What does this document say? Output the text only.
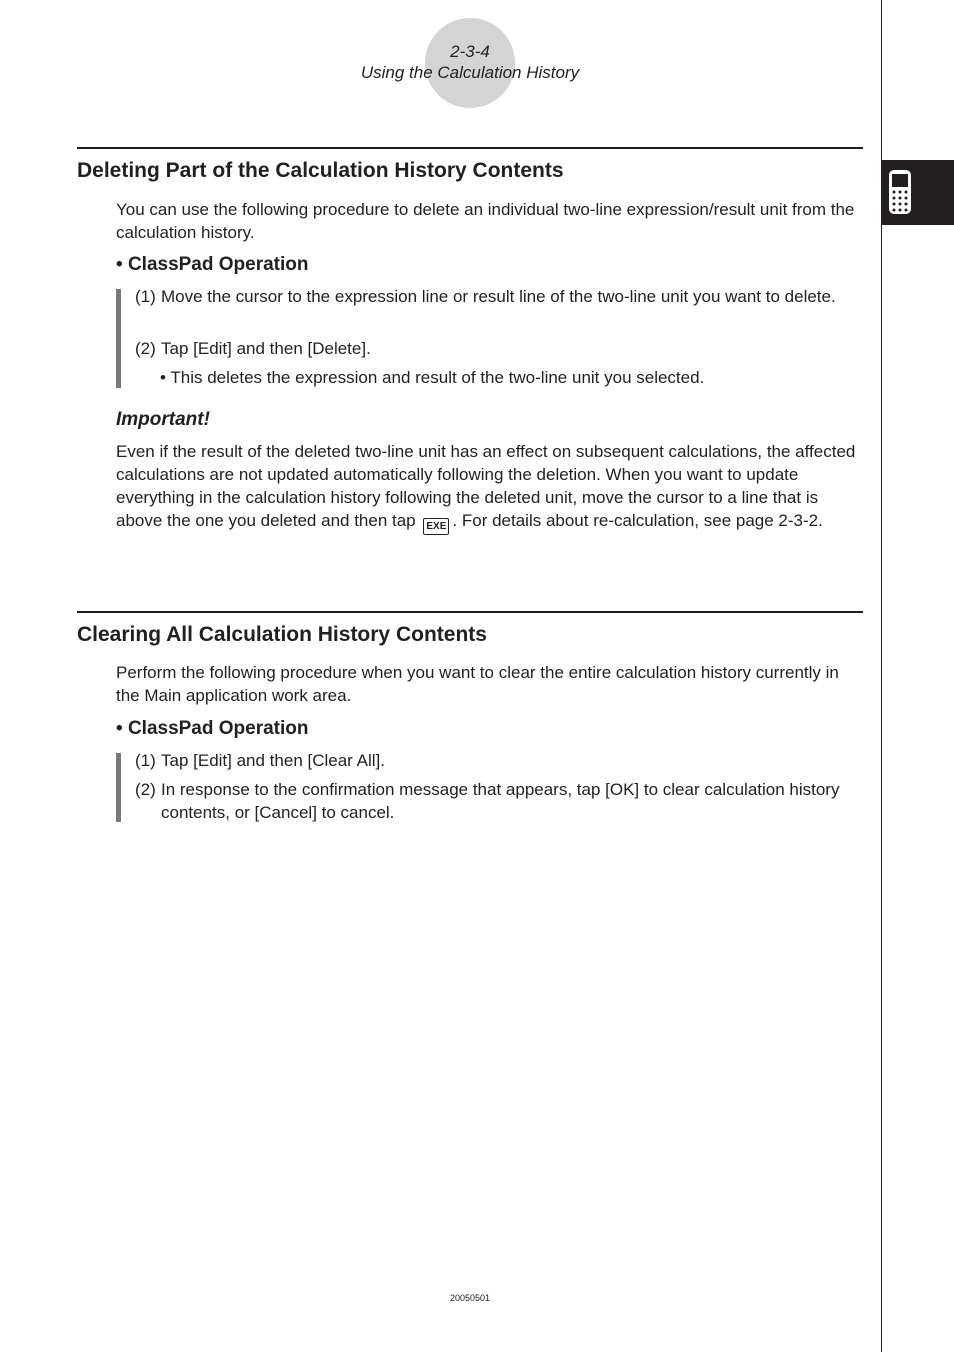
2-3-4
Using the Calculation History
Deleting Part of the Calculation History Contents
You can use the following procedure to delete an individual two-line expression/result unit from the calculation history.
• ClassPad Operation
(1) Move the cursor to the expression line or result line of the two-line unit you want to delete.
(2) Tap [Edit] and then [Delete].
• This deletes the expression and result of the two-line unit you selected.
Important!
Even if the result of the deleted two-line unit has an effect on subsequent calculations, the affected calculations are not updated automatically following the deletion. When you want to update everything in the calculation history following the deleted unit, move the cursor to a line that is above the one you deleted and then tap EXE . For details about re-calculation, see page 2-3-2.
Clearing All Calculation History Contents
Perform the following procedure when you want to clear the entire calculation history currently in the Main application work area.
• ClassPad Operation
(1) Tap [Edit] and then [Clear All].
(2) In response to the confirmation message that appears, tap [OK] to clear calculation history contents, or [Cancel] to cancel.
20050501
